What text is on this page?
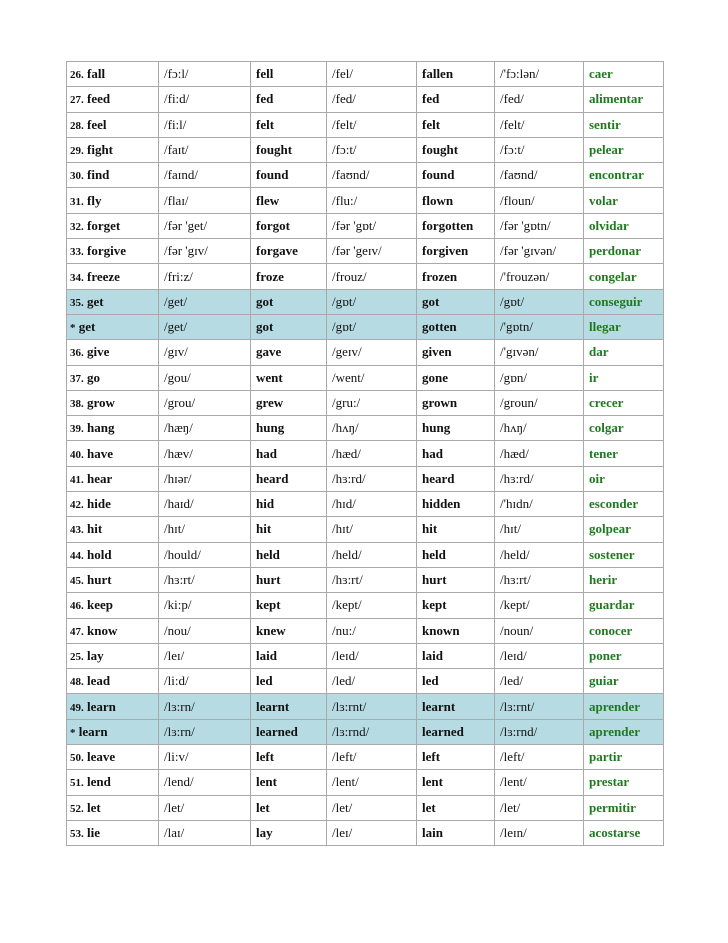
26. fall	/fɔ:l/	fell	/fel/	fallen	/'fɔ:lən/	caer
27. feed	/fi:d/	fed	/fed/	fed	/fed/	alimentar
28. feel	/fi:l/	felt	/felt/	felt	/felt/	sentir
29. fight	/faɪt/	fought	/fɔ:t/	fought	/fɔ:t/	pelear
30. find	/faɪnd/	found	/faʊnd/	found	/faʊnd/	encontrar
31. fly	/flaɪ/	flew	/flu:/	flown	/floun/	volar
32. forget	/fər 'get/	forgot	/fər 'gɒt/	forgotten	/fər 'gɒtn/	olvidar
33. forgive	/fər 'gɪv/	forgave	/fər 'geɪv/	forgiven	/fər 'gɪvən/	perdonar
34. freeze	/fri:z/	froze	/frouz/	frozen	/'frouzən/	congelar
35. get	/get/	got	/gɒt/	got	/gɒt/	conseguir
* get	/get/	got	/gɒt/	gotten	/'gɒtn/	llegar
36. give	/gɪv/	gave	/geɪv/	given	/'gɪvən/	dar
37. go	/gou/	went	/went/	gone	/gɒn/	ir
38. grow	/grou/	grew	/gru:/	grown	/groun/	crecer
39. hang	/hæŋ/	hung	/hʌŋ/	hung	/hʌŋ/	colgar
40. have	/hæv/	had	/hæd/	had	/hæd/	tener
41. hear	/hɪər/	heard	/hɜ:rd/	heard	/hɜ:rd/	oir
42. hide	/haɪd/	hid	/hɪd/	hidden	/'hɪdn/	esconder
43. hit	/hɪt/	hit	/hɪt/	hit	/hɪt/	golpear
44. hold	/hould/	held	/held/	held	/held/	sostener
45. hurt	/hɜ:rt/	hurt	/hɜ:rt/	hurt	/hɜ:rt/	herir
46. keep	/ki:p/	kept	/kept/	kept	/kept/	guardar
47. know	/nou/	knew	/nu:/	known	/noun/	conocer
25. lay	/leɪ/	laid	/leɪd/	laid	/leɪd/	poner
48. lead	/li:d/	led	/led/	led	/led/	guiar
49. learn	/lɜ:rn/	learnt	/lɜ:rnt/	learnt	/lɜ:rnt/	aprender
* learn	/lɜ:rn/	learned	/lɜ:rnd/	learned	/lɜ:rnd/	aprender
50. leave	/li:v/	left	/left/	left	/left/	partir
51. lend	/lend/	lent	/lent/	lent	/lent/	prestar
52. let	/let/	let	/let/	let	/let/	permitir
53. lie	/laɪ/	lay	/leɪ/	lain	/leɪn/	acostarse
